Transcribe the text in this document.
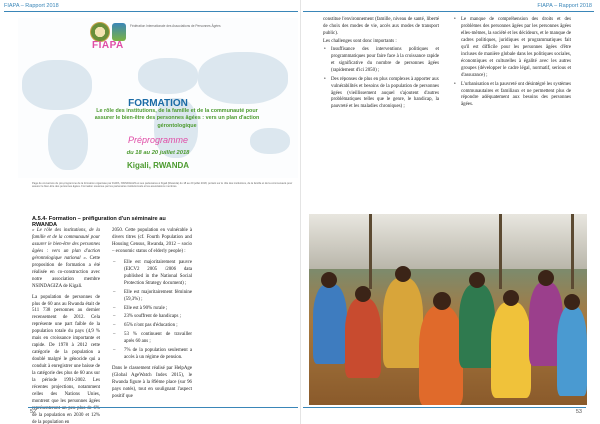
FIAPA – Rapport 2018
Fédération Internationale des Associations de Personnes Âgées
FIAPA
FORMATION
Le rôle des institutions, de la famille et de la communauté pour assurer le bien-être des personnes âgées : vers un plan d'action gérontologique
Préprogramme
du 18 au 20 juillet 2018
Kigali, RWANDA
Page de couverture du pré-programme de la formation organisée par FIAPA, NSINDAGIZA et ses partenaires à Kigali (Rwanda) du 18 au 20 juillet 2018, portant sur le rôle des institutions, de la famille et de la communauté pour assurer le bien-être des personnes âgées. Formation soutenue par les partenaires institutionnels et les associations membres.
A.5.4- Formation – préfiguration d'un séminaire au RWANDA

« Le rôle des institutions, de la famille et de la communauté pour assurer le bien-être des personnes âgées : vers un plan d'action gérontologique national ». Cette proposition de formation a été réalisée en co-construction avec notre association membre NSINDAGIZA de Kigali.

La population de personnes de plus de 60 ans au Rwanda était de 511 738 personnes au dernier recensement de 2012. Cela représente une part faible de la population totale du pays (4,9 % mais en croissance importante et rapide. De 1978 à 2012 cette catégorie de la population a doublé malgré le génocide qui a conduit à enregistrer une baisse de la catégorie des plus de 60 ans sur la période 1991-2002. Les récentes projections, notamment celles des Nations Unies, montrent que les personnes âgées représenteront un peu plus de 6% de la population en 2030 et 12% de la population en

2050. Cette population en vulnérable à divers titres (cf. Fourth Population and Housing Census, Rwanda, 2012 – socio – economic status of elderly people) :

– Elle est majoritairement pauvre (EICV2 2005 /2006 data published in the National Social Protection Strategy document) ;
– Elle est majoritairement féminine (59,3%) ;
– Elle est à 90% rurale ;
– 23% souffrent de handicaps ;
– 65% n'ont pas d'éducation ;
– 53 % continuent de travailler après 60 ans ;
– 7% de la population seulement a accès à un régime de pension.

Dans le classement réalisé par HelpAge (Global AgeWatch Index 2015), le Rwanda figure à la 89ème place (sur 96 pays notés), tout en soulignant l'aspect positif que

52
FIAPA – Rapport 2018

constitue l'environnement (famille, niveau de santé, liberté de choix des modes de vie, accès aux modes de transport public).

Les challenges sont donc importants :

• Insuffisance des interventions politiques et programmatiques pour faire face à la croissance rapide et significative du nombre de personnes âgées (rapidement d'ici 2050) ;
• Des réponses de plus en plus complexes à apporter aux vulnérabilités et besoins de la population de personnes âgées (vieillissement auquel s'ajoutent d'autres problématiques telles que le genre, le handicap, la pauvreté et les maladies chroniques) ;
• Le manque de compréhension des droits et des problèmes des personnes âgées par les personnes âgées elles-mêmes, la société et les décideurs, et le manque de cadres politiques, juridiques et programmatiques fait qu'il est difficile pour les personnes âgées d'être incluses de manière globale dans les politiques sociales, économiques et culturelles à égalité avec les autres groupes (développer le cadre légal, normatif, serious et d'assurance) ;
• L'urbanisation et la pauvreté ont désintégré les systèmes communautaires et familiaux et ne permettent plus de répondre adéquatement aux besoins des personnes âgées.
53
